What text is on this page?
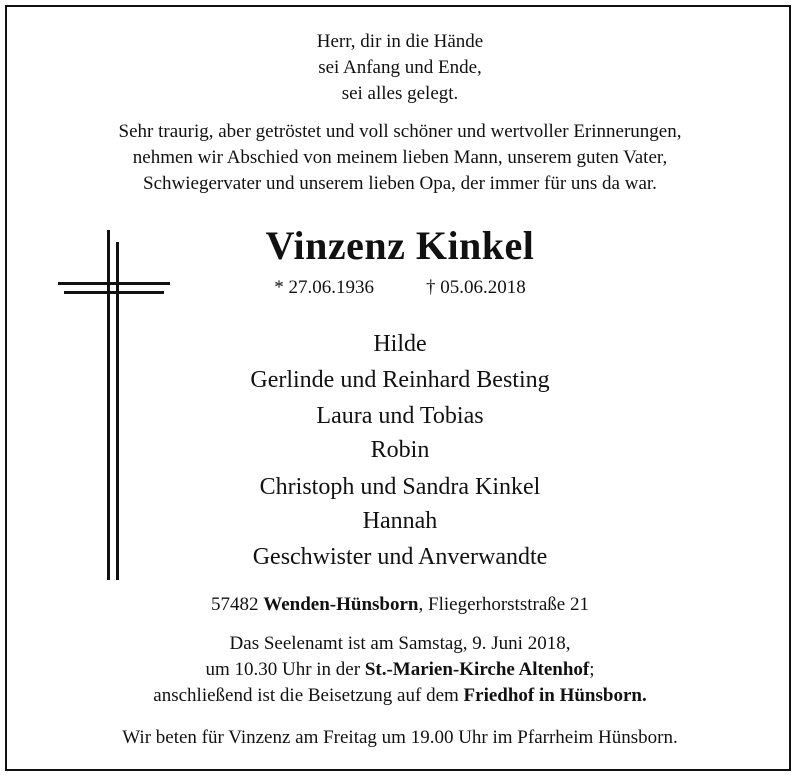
Herr, dir in die Hände
sei Anfang und Ende,
sei alles gelegt.
Sehr traurig, aber getröstet und voll schöner und wertvoller Erinnerungen,
nehmen wir Abschied von meinem lieben Mann, unserem guten Vater,
Schwiegervater und unserem lieben Opa, der immer für uns da war.
Vinzenz Kinkel
* 27.06.1936	† 05.06.2018
Hilde
Gerlinde und Reinhard Besting
Laura und Tobias
Robin
Christoph und Sandra Kinkel
Hannah
Geschwister und Anverwandte
57482 Wenden-Hünsborn, Fliegerhorststraße 21
Das Seelenamt ist am Samstag, 9. Juni 2018,
um 10.30 Uhr in der St.-Marien-Kirche Altenhof;
anschließend ist die Beisetzung auf dem Friedhof in Hünsborn.
Wir beten für Vinzenz am Freitag um 19.00 Uhr im Pfarrheim Hünsborn.
